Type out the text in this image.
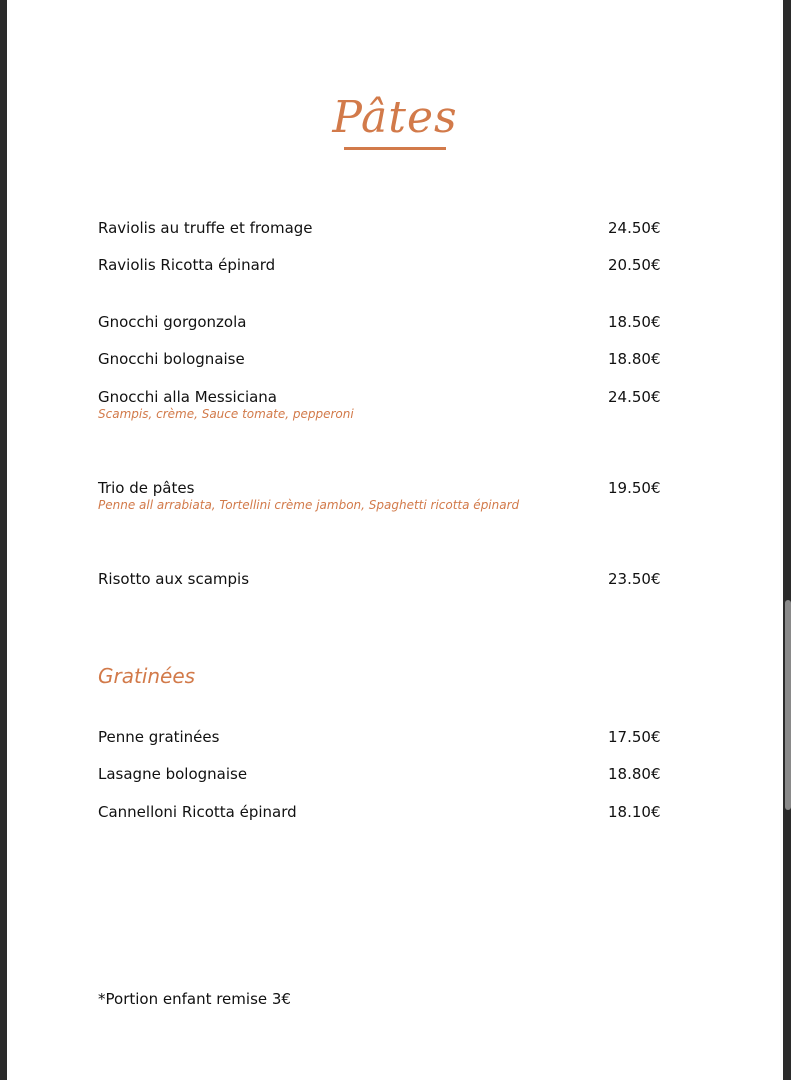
Pâtes
Raviolis au truffe et fromage	24.50€
Raviolis Ricotta épinard	20.50€
Gnocchi gorgonzola	18.50€
Gnocchi bolognaise	18.80€
Gnocchi alla Messiciana	24.50€
Scampis, crème, Sauce tomate, pepperoni
Trio de pâtes	19.50€
Penne all arrabiata, Tortellini crème jambon, Spaghetti ricotta épinard
Risotto aux scampis	23.50€
Gratinées
Penne gratinées	17.50€
Lasagne bolognaise	18.80€
Cannelloni Ricotta épinard	18.10€
*Portion enfant remise 3€
